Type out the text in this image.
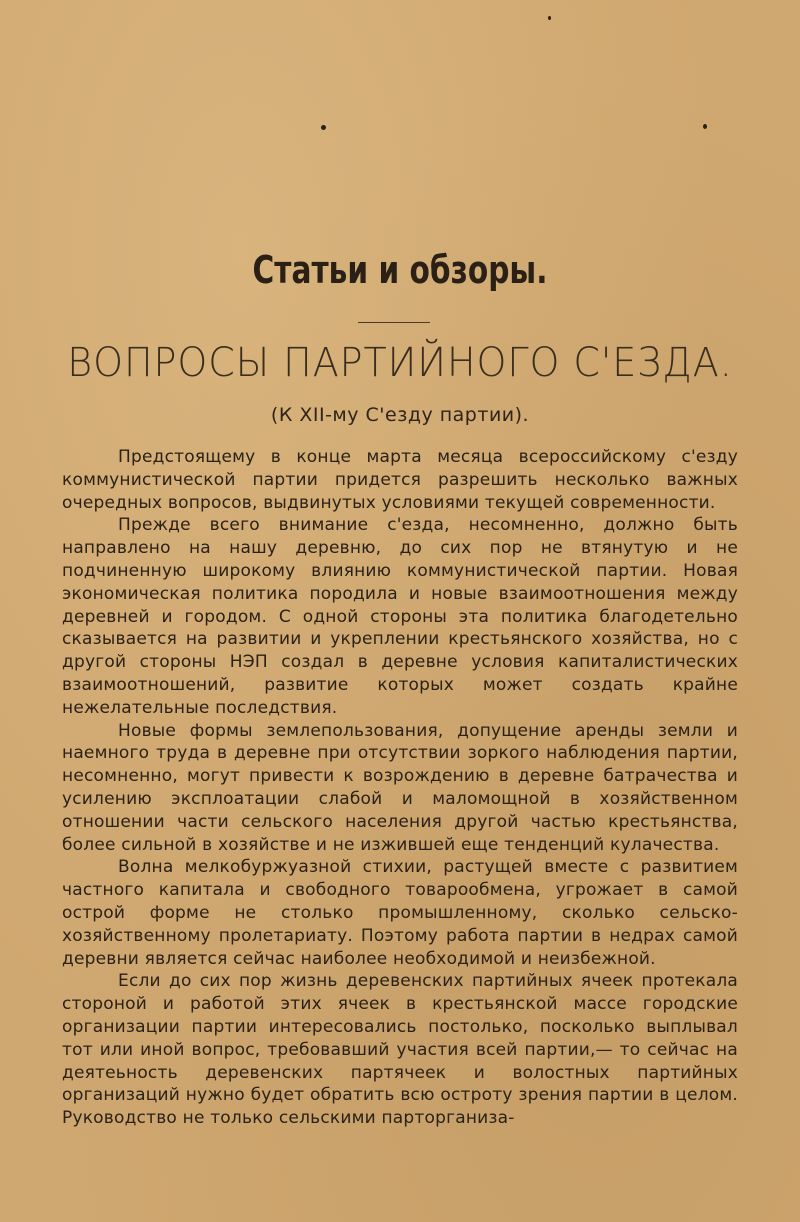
Статьи и обзоры.
ВОПРОСЫ ПАРТИЙНОГО С'ЕЗДА.
(К XII-му С'езду партии).

Предстоящему в конце марта месяца всероссийскому с'езду коммунистической партии придется разрешить несколько важных очередных вопросов, выдвинутых условиями текущей современности.

Прежде всего внимание с'езда, несомненно, должно быть направлено на нашу деревню, до сих пор не втянутую и не подчиненную широкому влиянию коммунистической партии. Новая экономическая политика породила и новые взаимоотношения между деревней и городом. С одной стороны эта политика благодетельно сказывается на развитии и укреплении крестьянского хозяйства, но с другой стороны НЭП создал в деревне условия капиталистических взаимоотношений, развитие которых может создать крайне нежелательные последствия.

Новые формы землепользования, допущение аренды земли и наемного труда в деревне при отсутствии зоркого наблюдения партии, несомненно, могут привести к возрождению в деревне батрачества и усилению эксплоатации слабой и маломощной в хозяйственном отношении части сельского населения другой частью крестьянства, более сильной в хозяйстве и не изжившей еще тенденций кулачества.

Волна мелкобуржуазной стихии, растущей вместе с развитием частного капитала и свободного товарообмена, угрожает в самой острой форме не столько промышленному, сколько сельско-хозяйственному пролетариату. Поэтому работа партии в недрах самой деревни является сейчас наиболее необходимой и неизбежной.

Если до сих пор жизнь деревенских партийных ячеек протекала стороной и работой этих ячеек в крестьянской массе городские организации партии интересовались постолько, посколько выплывал тот или иной вопрос, требовавший участия всей партии,— то сейчас на деятеьность деревенских партячеек и волостных партийных организаций нужно будет обратить всю остроту зрения партии в целом. Руководство не только сельскими парторганиза-
